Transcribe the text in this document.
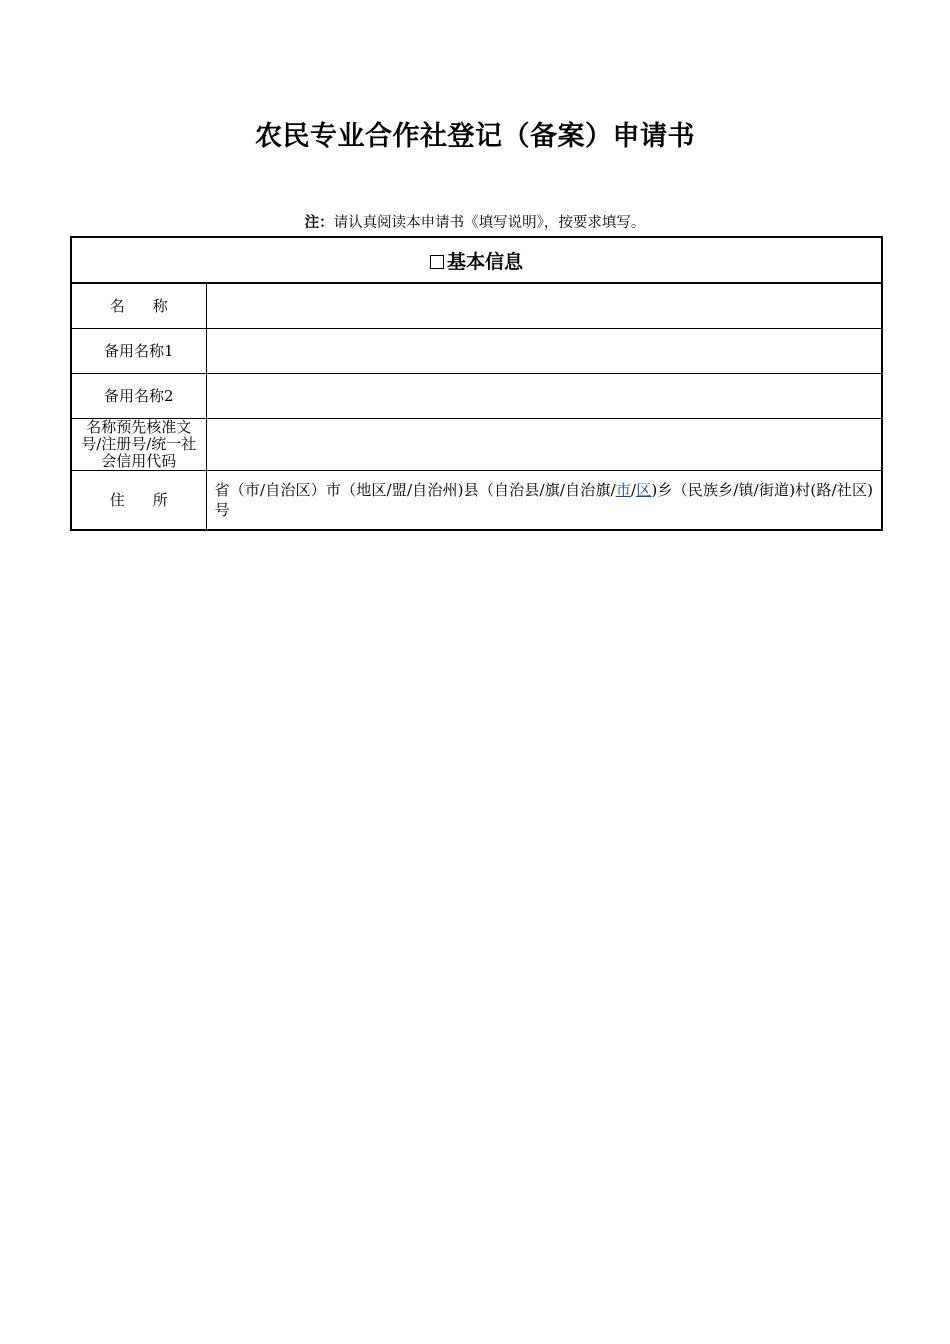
农民专业合作社登记（备案）申请书
注：请认真阅读本申请书《填写说明》，按要求填写。
基本信息	
名称	
备用名称1	
备用名称2	
名称预先核准文号/注册号/统一社会信用代码	
住所	省（市/自治区）市（地区/盟/自治州)县（自治县/旗/自治旗/市/区)乡（民族乡/镇/街道)村(路/社区)号
